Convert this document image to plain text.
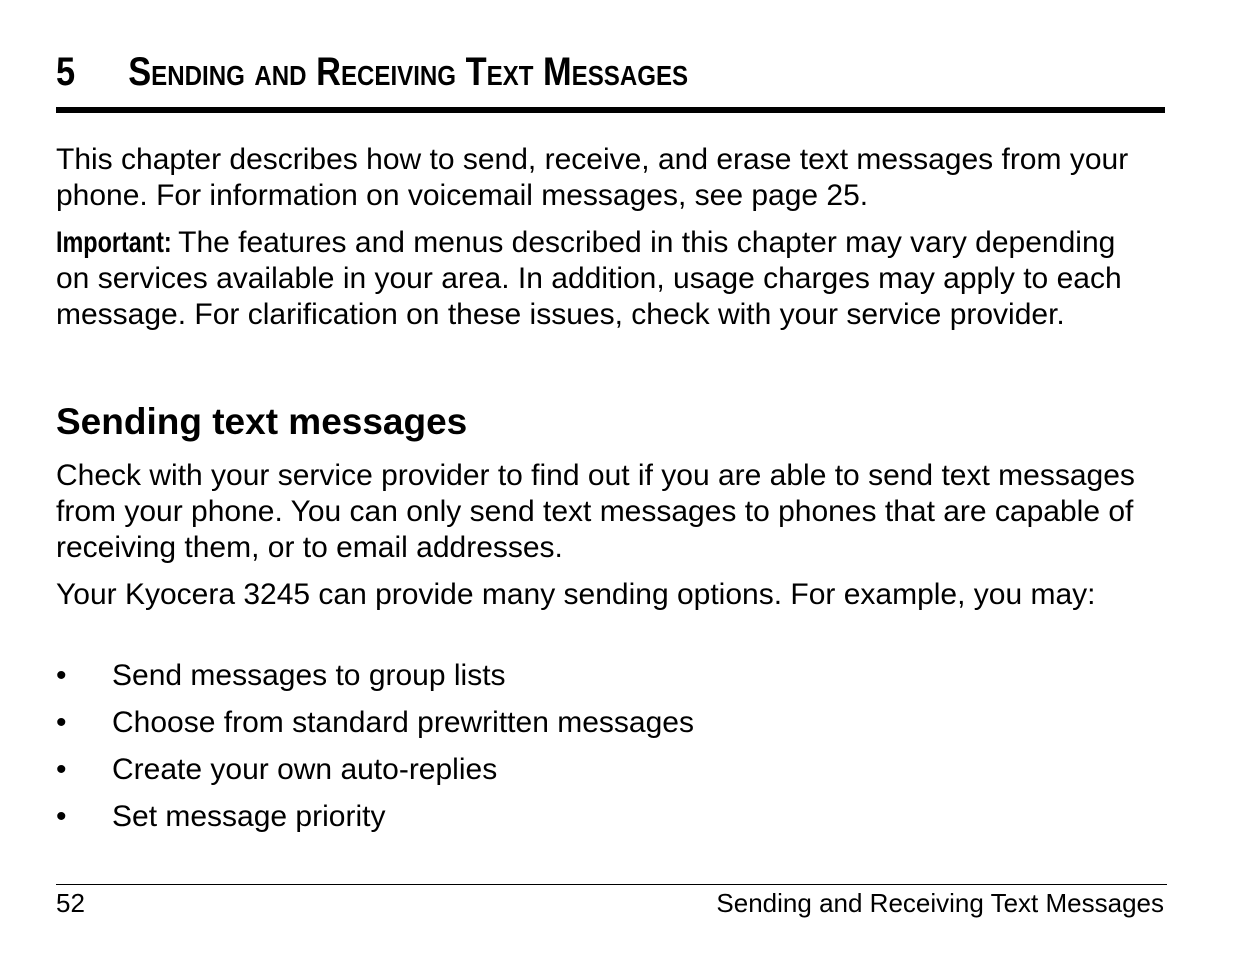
5	Sending and Receiving Text Messages

This chapter describes how to send, receive, and erase text messages from your phone. For information on voicemail messages, see page 25.

Important: The features and menus described in this chapter may vary depending on services available in your area. In addition, usage charges may apply to each message. For clarification on these issues, check with your service provider.

Sending text messages

Check with your service provider to find out if you are able to send text messages from your phone. You can only send text messages to phones that are capable of receiving them, or to email addresses.

Your Kyocera 3245 can provide many sending options. For example, you may:

•	Send messages to group lists
•	Choose from standard prewritten messages
•	Create your own auto-replies
•	Set message priority
52	Sending and Receiving Text Messages
